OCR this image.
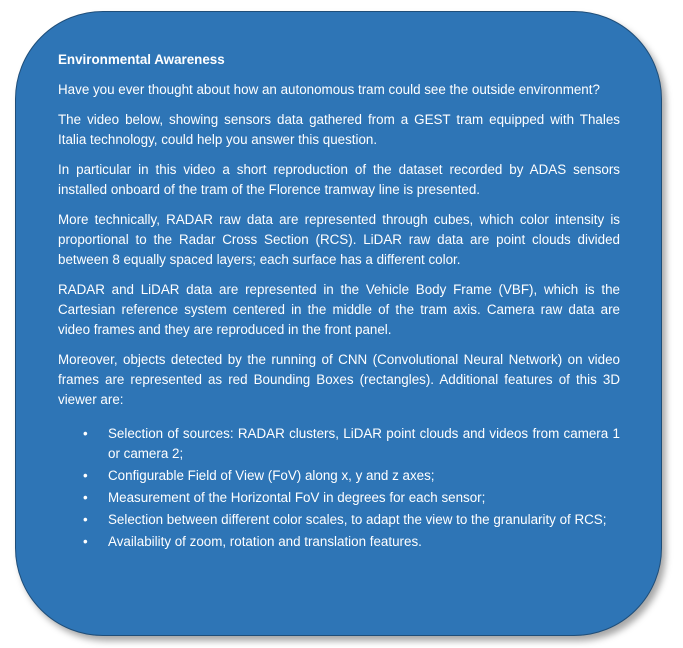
Environmental Awareness

Have you ever thought about how an autonomous tram could see the outside environment?

The video below, showing sensors data gathered from a GEST tram equipped with Thales Italia technology, could help you answer this question.

In particular in this video a short reproduction of the dataset recorded by ADAS sensors installed onboard of the tram of the Florence tramway line is presented.

More technically, RADAR raw data are represented through cubes, which color intensity is proportional to the Radar Cross Section (RCS). LiDAR raw data are point clouds divided between 8 equally spaced layers; each surface has a different color.

RADAR and LiDAR data are represented in the Vehicle Body Frame (VBF), which is the Cartesian reference system centered in the middle of the tram axis. Camera raw data are video frames and they are reproduced in the front panel.

Moreover, objects detected by the running of CNN (Convolutional Neural Network) on video frames are represented as red Bounding Boxes (rectangles). Additional features of this 3D viewer are:

• Selection of sources: RADAR clusters, LiDAR point clouds and videos from camera 1 or camera 2;
• Configurable Field of View (FoV) along x, y and z axes;
• Measurement of the Horizontal FoV in degrees for each sensor;
• Selection between different color scales, to adapt the view to the granularity of RCS;
• Availability of zoom, rotation and translation features.
